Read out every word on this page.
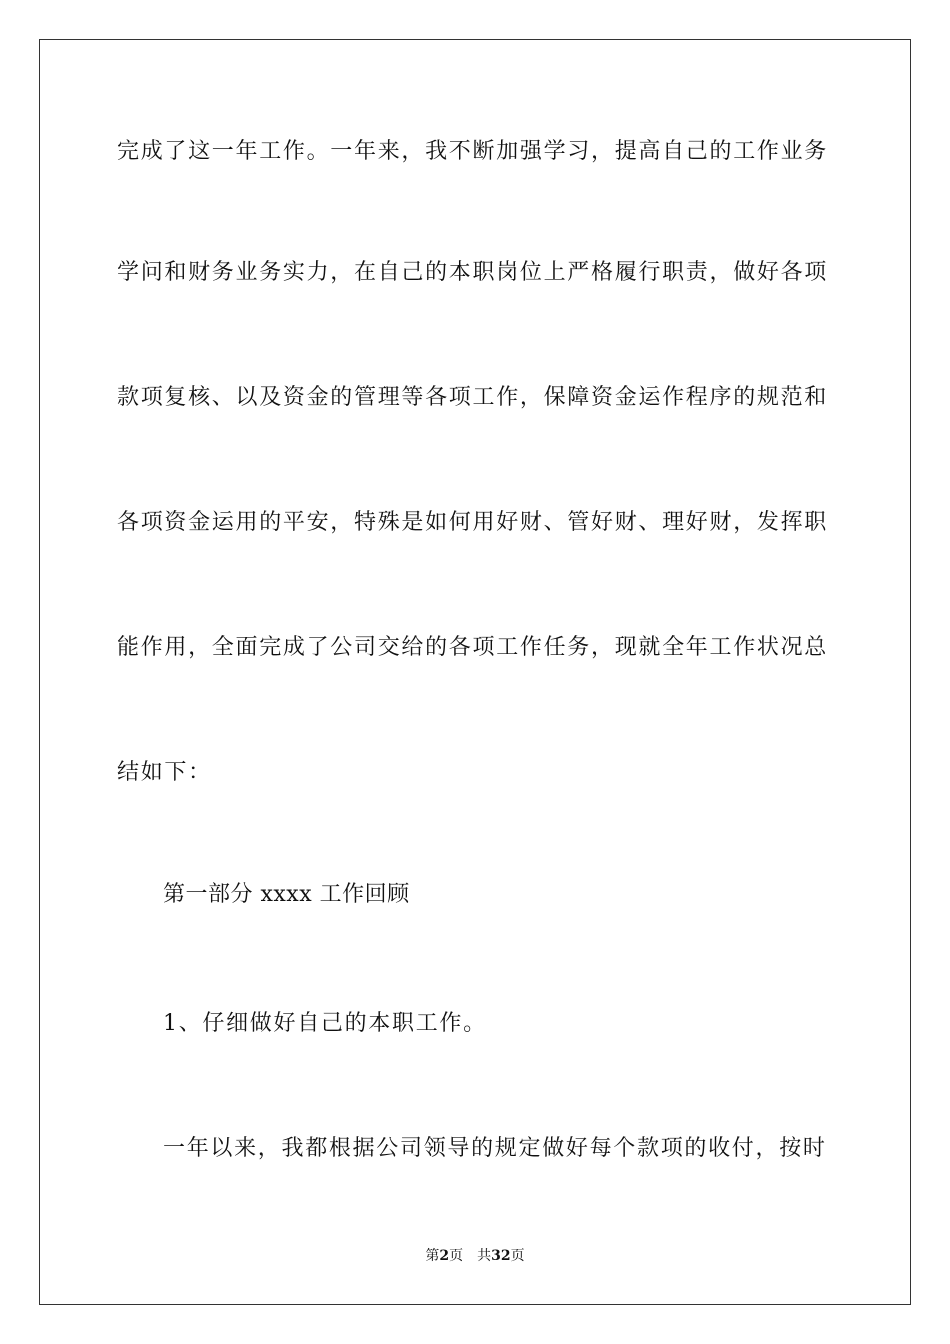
完成了这一年工作。一年来，我不断加强学习，提高自己的工作业务
学问和财务业务实力，在自己的本职岗位上严格履行职责，做好各项
款项复核、以及资金的管理等各项工作，保障资金运作程序的规范和
各项资金运用的平安，特殊是如何用好财、管好财、理好财，发挥职
能作用，全面完成了公司交给的各项工作任务，现就全年工作状况总
结如下：
第一部分 xxxx 工作回顾
1、仔细做好自己的本职工作。
一年以来，我都根据公司领导的规定做好每个款项的收付，按时
第2页 共32页
